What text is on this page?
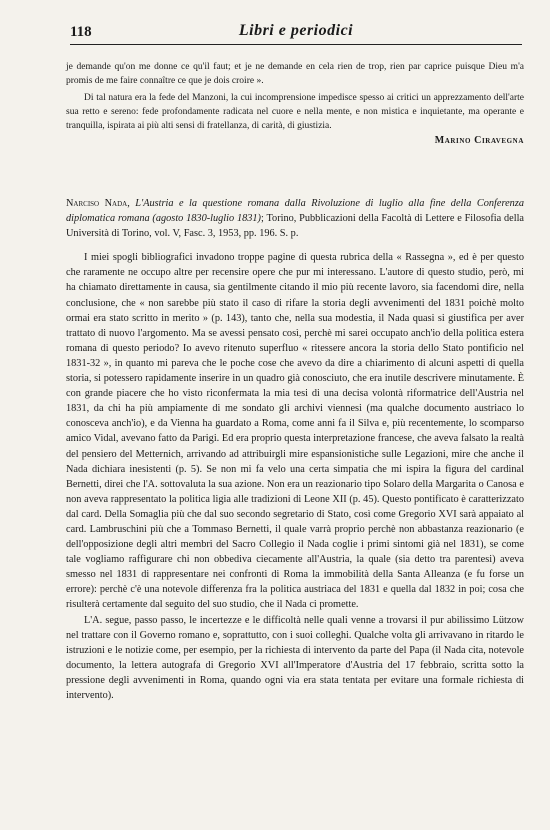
118	Libri e periodici

je demande qu'on me donne ce qu'il faut; et je ne demande en cela rien de trop, rien par caprice puisque Dieu m'a promis de me faire connaître ce que je dois croire ».

Di tal natura era la fede del Manzoni, la cui incomprensione impedisce spesso ai critici un apprezzamento dell'arte sua retto e sereno: fede profondamente radicata nel cuore e nella mente, e non mistica e inquietante, ma operante e tranquilla, ispirata ai più alti sensi di fratellanza, di carità, di giustizia.

Marino Ciravegna

Narciso Nada, L'Austria e la questione romana dalla Rivoluzione di luglio alla fine della Conferenza diplomatica romana (agosto 1830-luglio 1831); Torino, Pubblicazioni della Facoltà di Lettere e Filosofia della Università di Torino, vol. V, Fasc. 3, 1953, pp. 196. S. p.

I miei spogli bibliografici invadono troppe pagine di questa rubrica della « Rassegna », ed è per questo che raramente ne occupo altre per recensire opere che pur mi interessano. L'autore di questo studio, però, mi ha chiamato direttamente in causa, sia gentilmente citando il mio più recente lavoro, sia facendomi dire, nella conclusione, che « non sarebbe più stato il caso di rifare la storia degli avvenimenti del 1831 poichè molto ormai era stato scritto in merito » (p. 143), tanto che, nella sua modestia, il Nada quasi si giustifica per aver trattato di nuovo l'argomento. Ma se avessi pensato così, perchè mi sarei occupato anch'io della politica estera romana di questo periodo? Io avevo ritenuto superfluo « ritessere ancora la storia dello Stato pontificio nel 1831-32 », in quanto mi pareva che le poche cose che avevo da dire a chiarimento di alcuni aspetti di quella storia, si potessero rapidamente inserire in un quadro già conosciuto, che era inutile descrivere minutamente. È con grande piacere che ho visto riconfermata la mia tesi di una decisa volontà riformatrice dell'Austria nel 1831, da chi ha più ampiamente di me sondato gli archivi viennesi (ma qualche documento austriaco lo conosceva anch'io), e da Vienna ha guardato a Roma, come anni fa il Silva e, più recentemente, lo scomparso amico Vidal, avevano fatto da Parigi. Ed era proprio questa interpretazione francese, che aveva falsato la realtà del pensiero del Metternich, arrivando ad attribuirgli mire espansionistiche sulle Legazioni, mire che anche il Nada dichiara inesistenti (p. 5). Se non mi fa velo una certa simpatia che mi ispira la figura del cardinal Bernetti, direi che l'A. sottovaluta la sua azione. Non era un reazionario tipo Solaro della Margarita o Canosa e non aveva rappresentato la politica ligia alle tradizioni di Leone XII (p. 45). Questo pontificato è caratterizzato dal card. Della Somaglia più che dal suo secondo segretario di Stato, così come Gregorio XVI sarà appaiato al card. Lambruschini più che a Tommaso Bernetti, il quale varrà proprio perchè non abbastanza reazionario (e dell'opposizione degli altri membri del Sacro Collegio il Nada coglie i primi sintomi già nel 1831), se come tale vogliamo raffigurare chi non obbediva ciecamente all'Austria, la quale (sia detto tra parentesi) aveva smesso nel 1831 di rappresentare nei confronti di Roma la immobilità della Santa Alleanza (e fu forse un errore): perchè c'è una notevole differenza fra la politica austriaca del 1831 e quella dal 1832 in poi; cosa che risulterà certamente dal seguito del suo studio, che il Nada ci promette.

L'A. segue, passo passo, le incertezze e le difficoltà nelle quali venne a trovarsi il pur abilissimo Lützow nel trattare con il Governo romano e, soprattutto, con i suoi colleghi. Qualche volta gli arrivavano in ritardo le istruzioni e le notizie come, per esempio, per la richiesta di intervento da parte del Papa (il Nada cita, notevole documento, la lettera autografa di Gregorio XVI all'Imperatore d'Austria del 17 febbraio, scritta sotto la pressione degli avvenimenti in Roma, quando ogni via era stata tentata per evitare una formale richiesta di intervento).
